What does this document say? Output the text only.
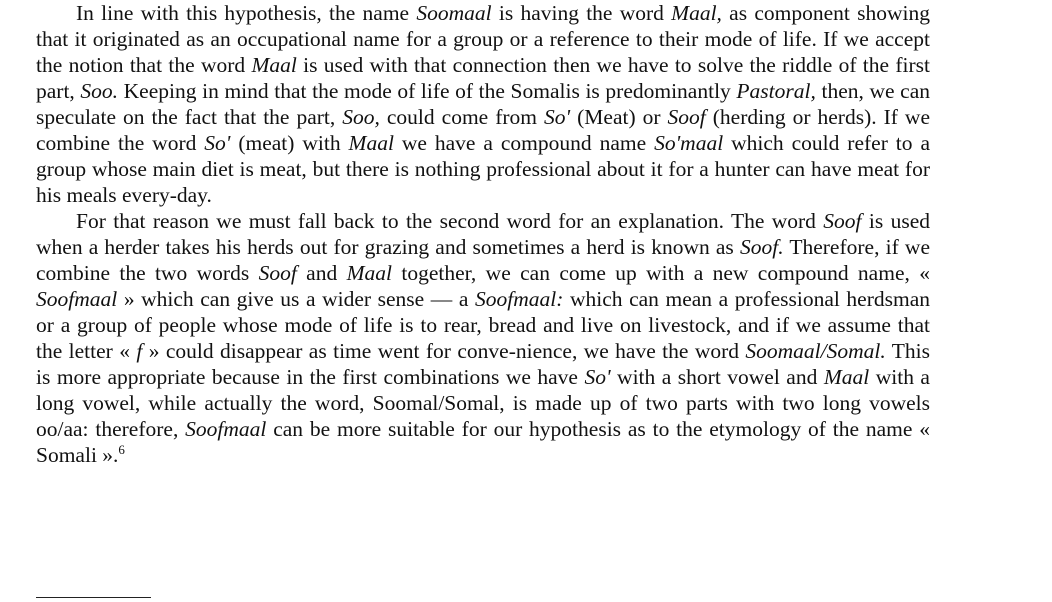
In line with this hypothesis, the name Soomaal is having the word Maal, as component showing that it originated as an occupational name for a group or a reference to their mode of life. If we accept the notion that the word Maal is used with that connection then we have to solve the riddle of the first part, Soo. Keeping in mind that the mode of life of the Somalis is predominantly Pastoral, then, we can speculate on the fact that the part, Soo, could come from So' (Meat) or Soof (herding or herds). If we combine the word So' (meat) with Maal we have a compound name So'maal which could refer to a group whose main diet is meat, but there is nothing professional about it for a hunter can have meat for his meals every-day.

For that reason we must fall back to the second word for an explanation. The word Soof is used when a herder takes his herds out for grazing and sometimes a herd is known as Soof. Therefore, if we combine the two words Soof and Maal together, we can come up with a new compound name, « Soofmaal » which can give us a wider sense — a Soofmaal: which can mean a professional herdsman or a group of people whose mode of life is to rear, bread and live on livestock, and if we assume that the letter « f » could disappear as time went for conve-nience, we have the word Soomaal/Somal. This is more appropriate because in the first combinations we have So' with a short vowel and Maal with a long vowel, while actually the word, Soomal/Somal, is made up of two parts with two long vowels oo/aa: therefore, Soofmaal can be more suitable for our hypothesis as to the etymology of the name « Somali ».$^6$
